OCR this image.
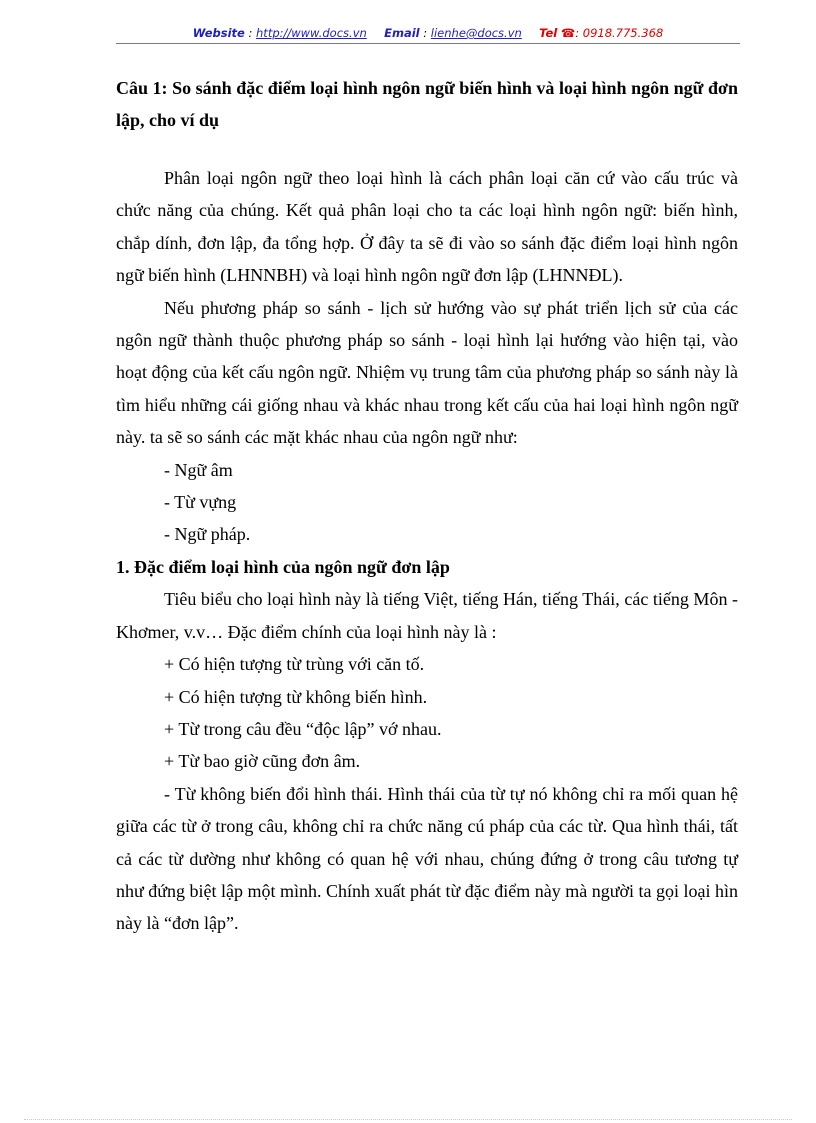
Website : http://www.docs.vn Email : lienhe@docs.vn Tel ☎: 0918.775.368

Câu 1: So sánh đặc điểm loại hình ngôn ngữ biến hình và loại hình ngôn ngữ đơn lập, cho ví dụ

Phân loại ngôn ngữ theo loại hình là cách phân loại căn cứ vào cấu trúc và chức năng của chúng. Kết quả phân loại cho ta các loại hình ngôn ngữ: biến hình, chắp dính, đơn lập, đa tổng hợp. Ở đây ta sẽ đi vào so sánh đặc điểm loại hình ngôn ngữ biến hình (LHNNBH) và loại hình ngôn ngữ đơn lập (LHNNĐL).

Nếu phương pháp so sánh - lịch sử hướng vào sự phát triển lịch sử của các ngôn ngữ thành thuộc phương pháp so sánh - loại hình lại hướng vào hiện tại, vào hoạt động của kết cấu ngôn ngữ. Nhiệm vụ trung tâm của phương pháp so sánh này là tìm hiểu những cái giống nhau và khác nhau trong kết cấu của hai loại hình ngôn ngữ này. ta sẽ so sánh các mặt khác nhau của ngôn ngữ như:

- Ngữ âm

- Từ vựng

- Ngữ pháp.

1. Đặc điểm loại hình của ngôn ngữ đơn lập

Tiêu biểu cho loại hình này là tiếng Việt, tiếng Hán, tiếng Thái, các tiếng Môn - Khơmer, v.v… Đặc điểm chính của loại hình này là :

+ Có hiện tượng từ trùng với căn tố.

+ Có hiện tượng từ không biến hình.

+ Từ trong câu đều “độc lập” vớ nhau.

+ Từ bao giờ cũng đơn âm.

- Từ không biến đổi hình thái. Hình thái của từ tự nó không chỉ ra mối quan hệ giữa các từ ở trong câu, không chỉ ra chức năng cú pháp của các từ. Qua hình thái, tất cả các từ dường như không có quan hệ với nhau, chúng đứng ở trong câu tương tự như đứng biệt lập một mình. Chính xuất phát từ đặc điểm này mà người ta gọi loại hìn này là “đơn lập”.
